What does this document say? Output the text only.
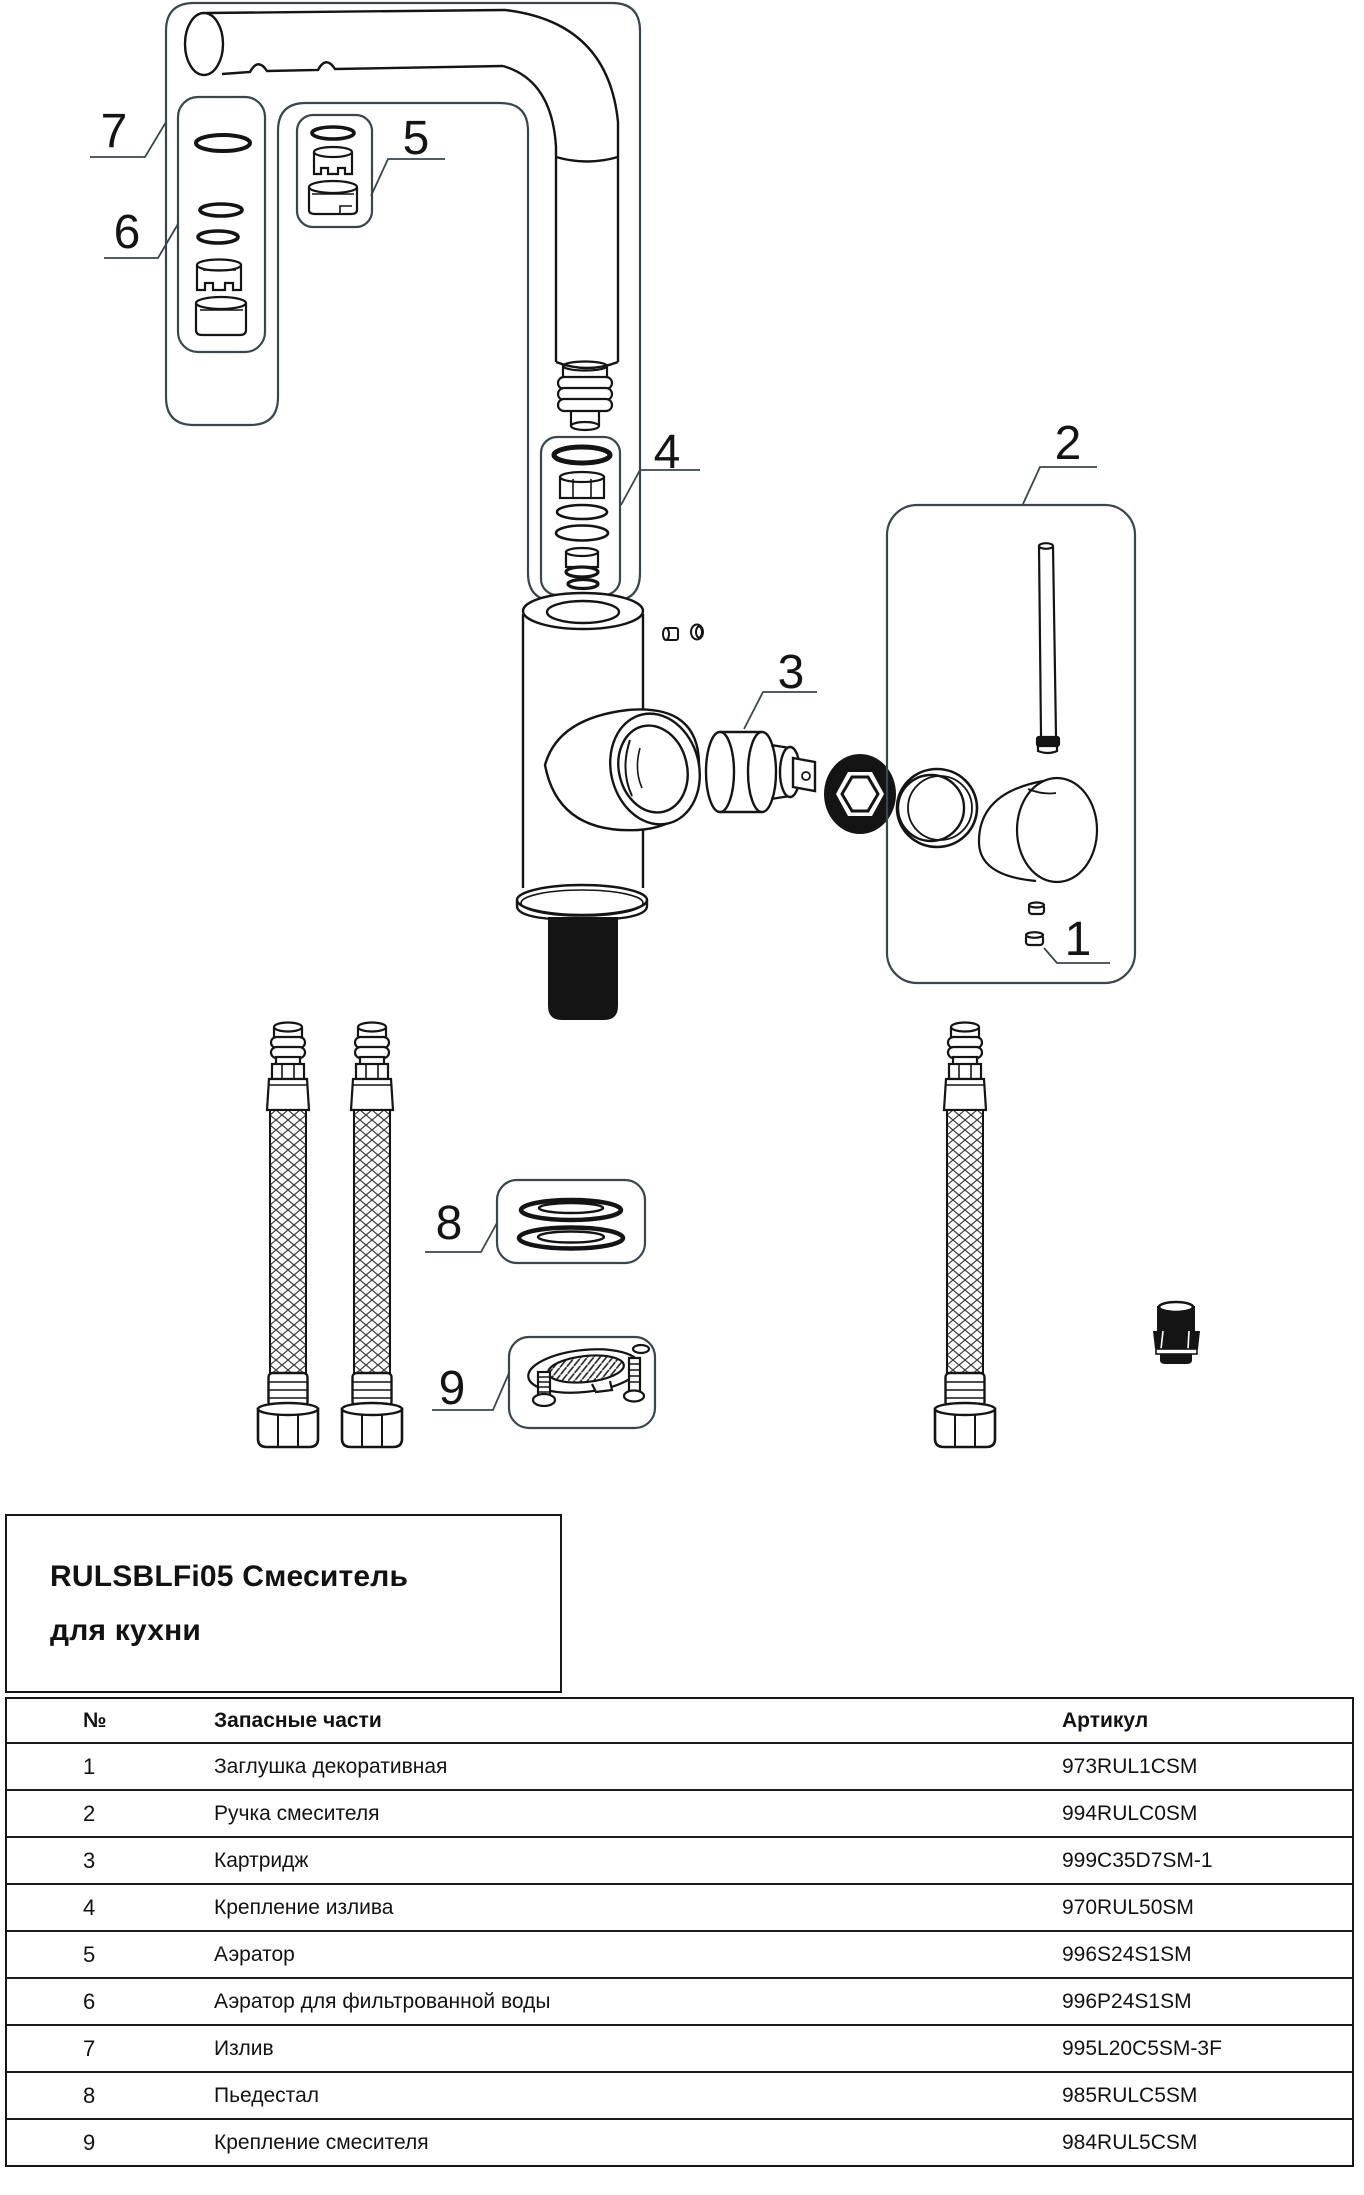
7
6
5
4
3
2
1
8
9
RULSBLFi05 Смеситель
для кухни
№	Запасные части	Артикул
1	Заглушка декоративная	973RUL1CSM
2	Ручка смесителя	994RULC0SM
3	Картридж	999C35D7SM-1
4	Крепление излива	970RUL50SM
5	Аэратор	996S24S1SM
6	Аэратор для фильтрованной воды	996P24S1SM
7	Излив	995L20C5SM-3F
8	Пьедестал	985RULC5SM
9	Крепление смесителя	984RUL5CSM
